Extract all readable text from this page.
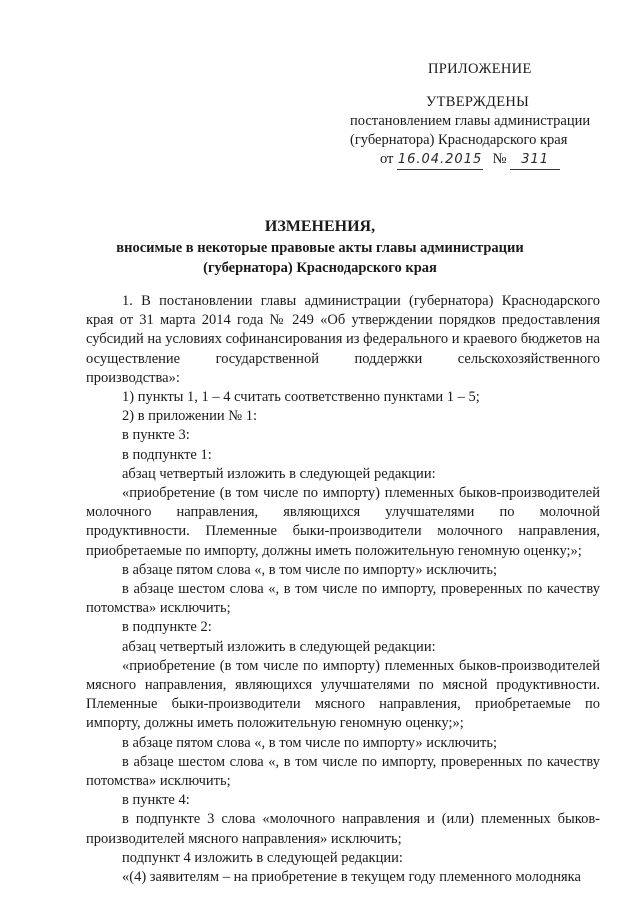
ПРИЛОЖЕНИЕ
УТВЕРЖДЕНЫ
постановлением главы администрации
(губернатора) Краснодарского края
от 16.04.2015 № 311
ИЗМЕНЕНИЯ,
вносимые в некоторые правовые акты главы администрации
(губернатора) Краснодарского края

1. В постановлении главы администрации (губернатора) Краснодарского края от 31 марта 2014 года № 249 «Об утверждении порядков предоставления субсидий на условиях софинансирования из федерального и краевого бюджетов на осуществление государственной поддержки сельскохозяйственного производства»:

1) пункты 1, 1 – 4 считать соответственно пунктами 1 – 5;

2) в приложении № 1:

в пункте 3:

в подпункте 1:

абзац четвертый изложить в следующей редакции:

«приобретение (в том числе по импорту) племенных быков-производителей молочного направления, являющихся улучшателями по молочной продуктивности. Племенные быки-производители молочного направления, приобретаемые по импорту, должны иметь положительную геномную оценку;»;

в абзаце пятом слова «, в том числе по импорту» исключить;

в абзаце шестом слова «, в том числе по импорту, проверенных по качеству потомства» исключить;

в подпункте 2:

абзац четвертый изложить в следующей редакции:

«приобретение (в том числе по импорту) племенных быков-производителей мясного направления, являющихся улучшателями по мясной продуктивности. Племенные быки-производители мясного направления, приобретаемые по импорту, должны иметь положительную геномную оценку;»;

в абзаце пятом слова «, в том числе по импорту» исключить;

в абзаце шестом слова «, в том числе по импорту, проверенных по качеству потомства» исключить;

в пункте 4:

в подпункте 3 слова «молочного направления и (или) племенных быков-производителей мясного направления» исключить;

подпункт 4 изложить в следующей редакции:

«(4) заявителям – на приобретение в текущем году племенного молодняка
